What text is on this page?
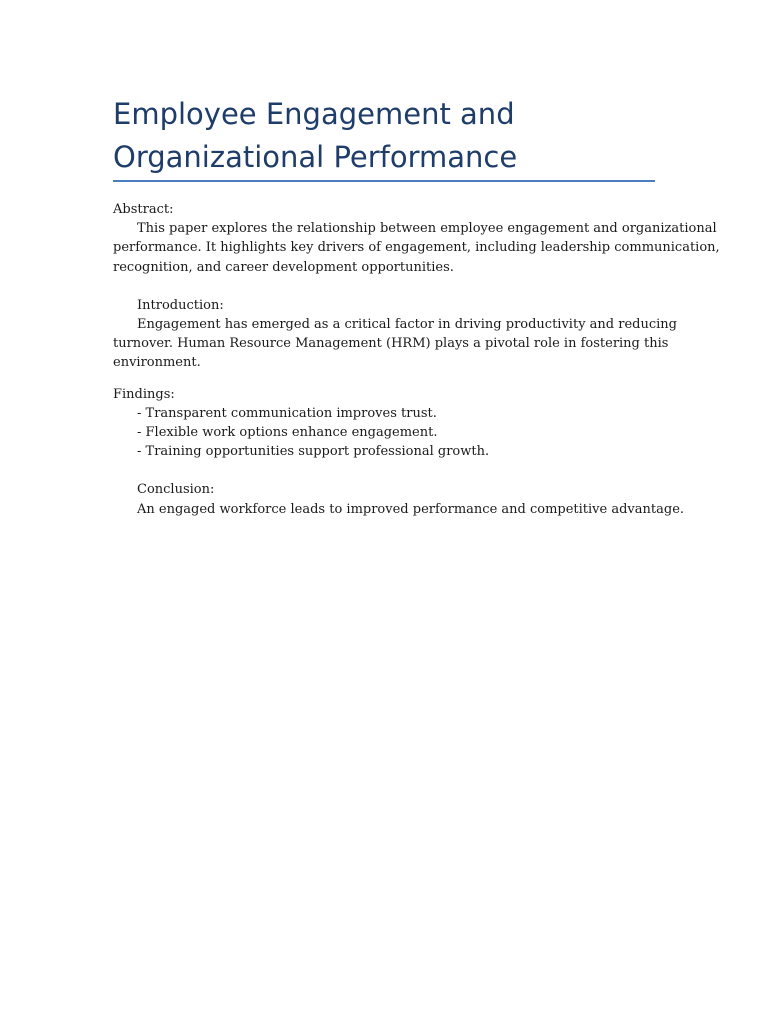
Employee Engagement and
Organizational Performance

Abstract:

This paper explores the relationship between employee engagement and organizational

performance. It highlights key drivers of engagement, including leadership communication,

recognition, and career development opportunities.

Introduction:

Engagement has emerged as a critical factor in driving productivity and reducing

turnover. Human Resource Management (HRM) plays a pivotal role in fostering this

environment.

Findings:

- Transparent communication improves trust.

- Flexible work options enhance engagement.

- Training opportunities support professional growth.

Conclusion:

An engaged workforce leads to improved performance and competitive advantage.
